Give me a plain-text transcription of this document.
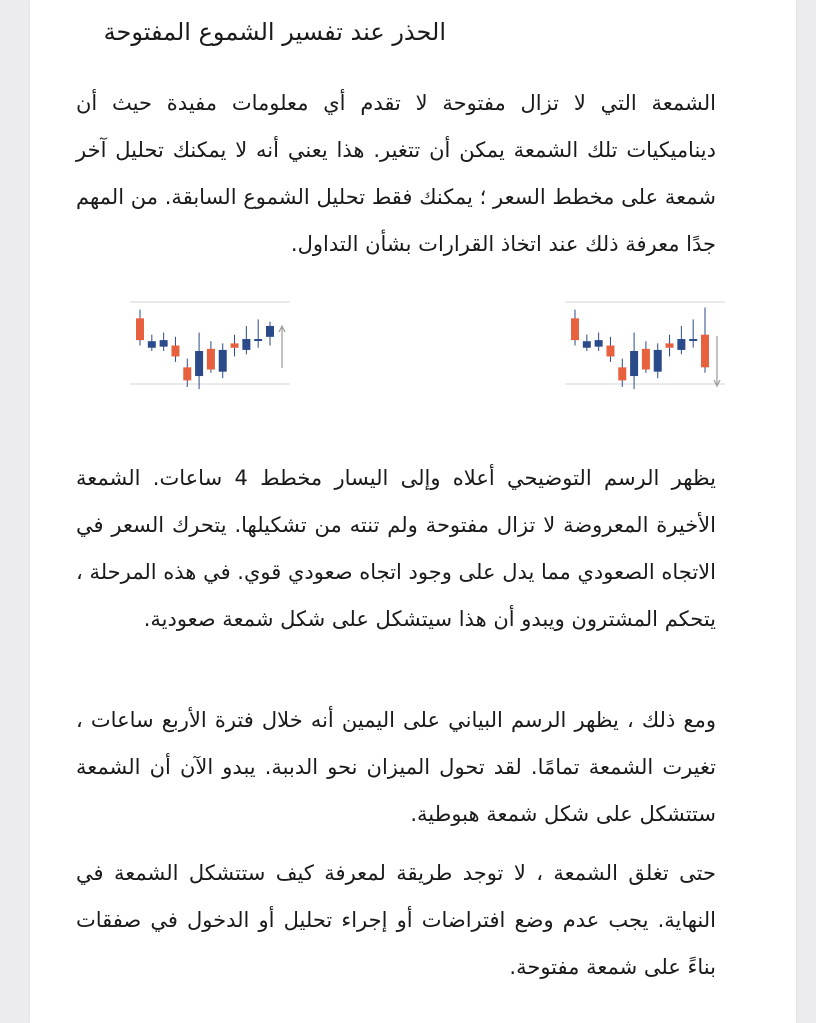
الحذر عند تفسير الشموع المفتوحة

الشمعة التي لا تزال مفتوحة لا تقدم أي معلومات مفيدة حيث أن ديناميكيات تلك الشمعة يمكن أن تتغير. هذا يعني أنه لا يمكنك تحليل آخر شمعة على مخطط السعر ؛ يمكنك فقط تحليل الشموع السابقة. من المهم جدًا معرفة ذلك عند اتخاذ القرارات بشأن التداول.

يظهر الرسم التوضيحي أعلاه وإلى اليسار مخطط 4 ساعات. الشمعة الأخيرة المعروضة لا تزال مفتوحة ولم تنته من تشكيلها. يتحرك السعر في الاتجاه الصعودي مما يدل على وجود اتجاه صعودي قوي. في هذه المرحلة ، يتحكم المشترون ويبدو أن هذا سيتشكل على شكل شمعة صعودية.

ومع ذلك ، يظهر الرسم البياني على اليمين أنه خلال فترة الأربع ساعات ، تغيرت الشمعة تمامًا. لقد تحول الميزان نحو الدببة. يبدو الآن أن الشمعة ستتشكل على شكل شمعة هبوطية.

حتى تغلق الشمعة ، لا توجد طريقة لمعرفة كيف ستتشكل الشمعة في النهاية. يجب عدم وضع افتراضات أو إجراء تحليل أو الدخول في صفقات بناءً على شمعة مفتوحة.
